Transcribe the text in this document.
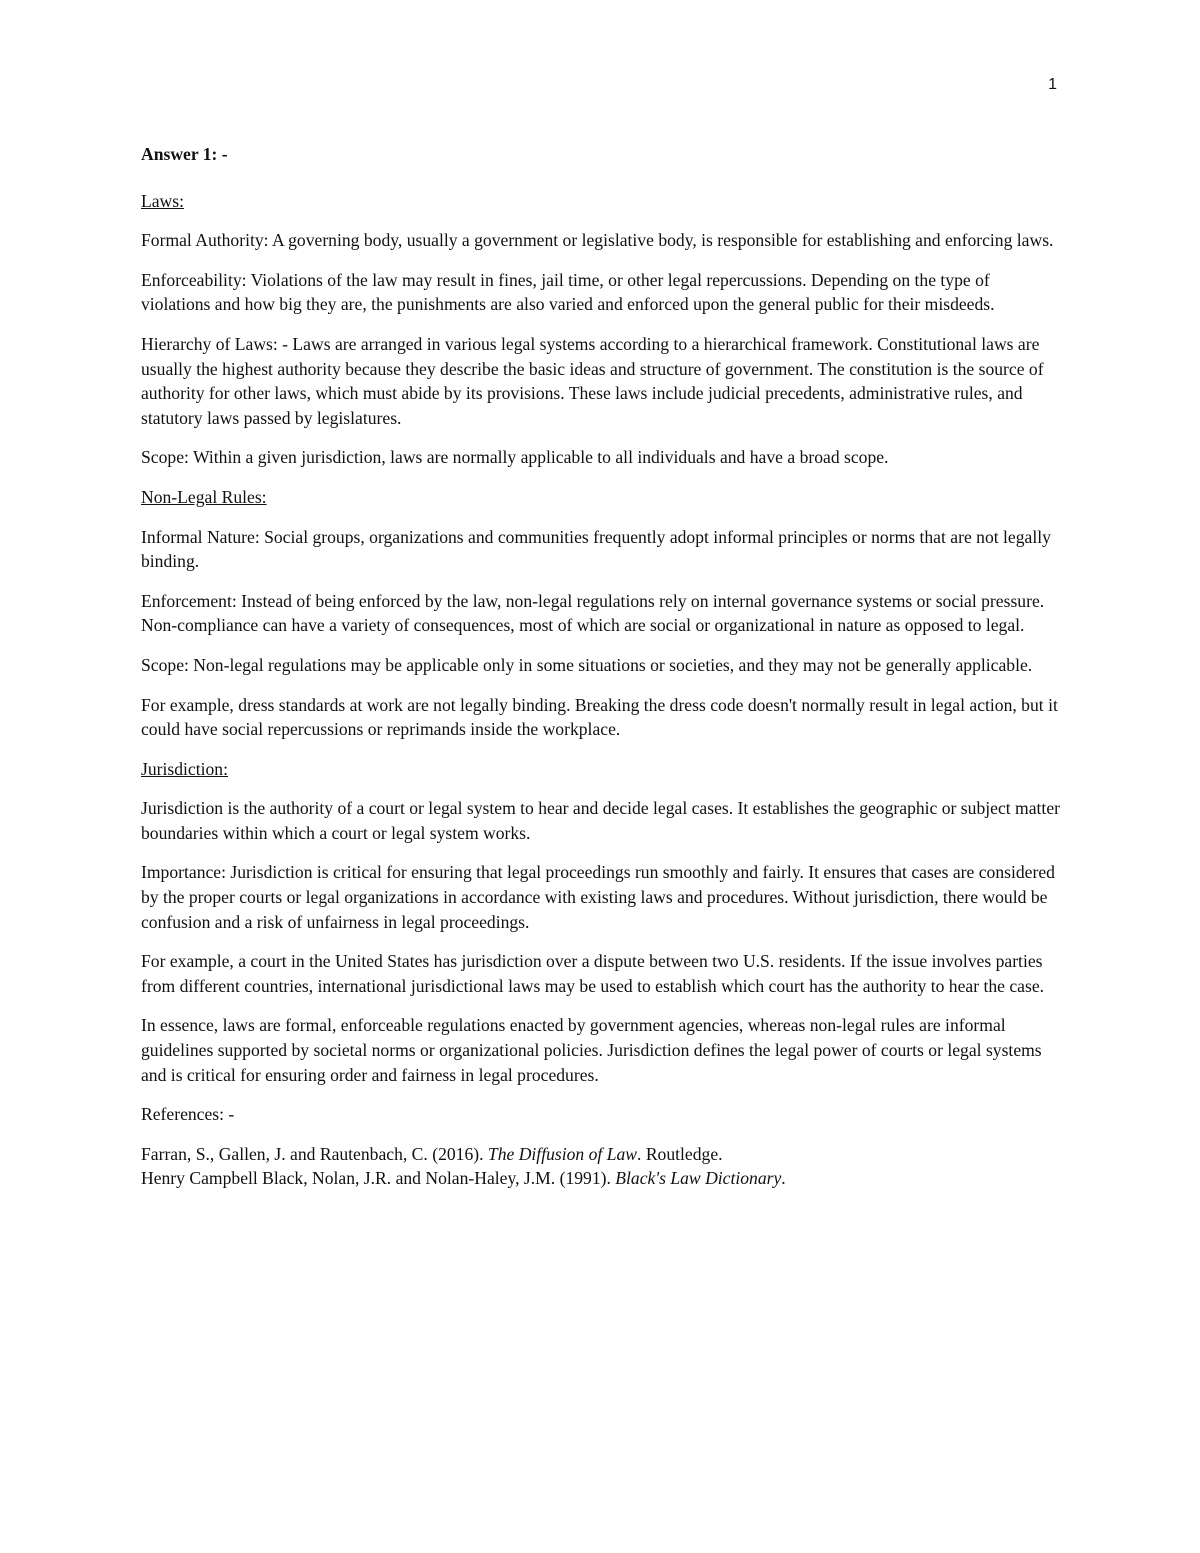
1

Answer 1: -

Laws:

Formal Authority: A governing body, usually a government or legislative body, is responsible for establishing and enforcing laws.

Enforceability: Violations of the law may result in fines, jail time, or other legal repercussions. Depending on the type of violations and how big they are, the punishments are also varied and enforced upon the general public for their misdeeds.

Hierarchy of Laws: - Laws are arranged in various legal systems according to a hierarchical framework. Constitutional laws are usually the highest authority because they describe the basic ideas and structure of government. The constitution is the source of authority for other laws, which must abide by its provisions. These laws include judicial precedents, administrative rules, and statutory laws passed by legislatures.

Scope: Within a given jurisdiction, laws are normally applicable to all individuals and have a broad scope.

Non-Legal Rules:

Informal Nature: Social groups, organizations and communities frequently adopt informal principles or norms that are not legally binding.

Enforcement: Instead of being enforced by the law, non-legal regulations rely on internal governance systems or social pressure. Non-compliance can have a variety of consequences, most of which are social or organizational in nature as opposed to legal.

Scope: Non-legal regulations may be applicable only in some situations or societies, and they may not be generally applicable.

For example, dress standards at work are not legally binding. Breaking the dress code doesn't normally result in legal action, but it could have social repercussions or reprimands inside the workplace.

Jurisdiction:

Jurisdiction is the authority of a court or legal system to hear and decide legal cases. It establishes the geographic or subject matter boundaries within which a court or legal system works.

Importance: Jurisdiction is critical for ensuring that legal proceedings run smoothly and fairly. It ensures that cases are considered by the proper courts or legal organizations in accordance with existing laws and procedures. Without jurisdiction, there would be confusion and a risk of unfairness in legal proceedings.

For example, a court in the United States has jurisdiction over a dispute between two U.S. residents. If the issue involves parties from different countries, international jurisdictional laws may be used to establish which court has the authority to hear the case.

In essence, laws are formal, enforceable regulations enacted by government agencies, whereas non-legal rules are informal guidelines supported by societal norms or organizational policies. Jurisdiction defines the legal power of courts or legal systems and is critical for ensuring order and fairness in legal procedures.

References: -

Farran, S., Gallen, J. and Rautenbach, C. (2016). The Diffusion of Law. Routledge.
Henry Campbell Black, Nolan, J.R. and Nolan-Haley, J.M. (1991). Black's Law Dictionary.
